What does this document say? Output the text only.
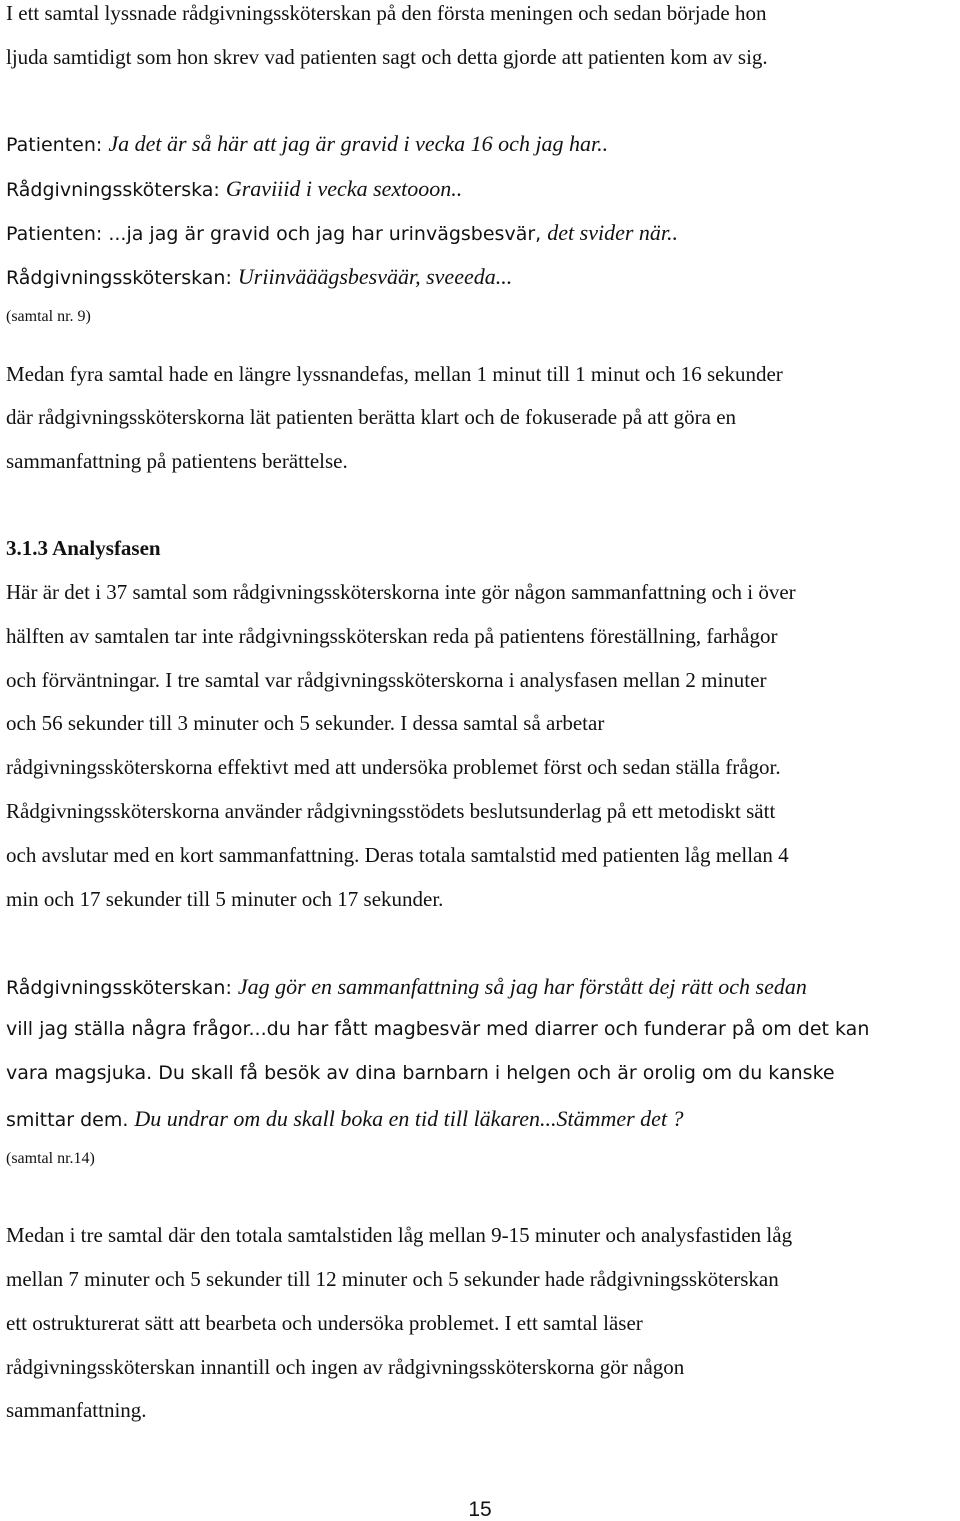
I ett samtal lyssnade rådgivningssköterskan på den första meningen och sedan började hon
ljuda samtidigt som hon skrev vad patienten sagt och detta gjorde att patienten kom av sig.
Patienten: Ja det är så här att jag är gravid i vecka 16 och jag har..
Rådgivningssköterska: Graviiid i vecka sextooon..
Patienten: ...ja jag är gravid och jag har urinvägsbesvär, det svider när..
Rådgivningssköterskan: Uriinvääägsbesväär, sveeeda...
(samtal nr. 9)
Medan fyra samtal hade en längre lyssnandefas, mellan 1 minut till 1 minut och 16 sekunder
där rådgivningssköterskorna lät patienten berätta klart och de fokuserade på att göra en
sammanfattning på patientens berättelse.
3.1.3 Analysfasen
Här är det i 37 samtal som rådgivningssköterskorna inte gör någon sammanfattning och i över
hälften av samtalen tar inte rådgivningssköterskan reda på patientens föreställning, farhågor
och förväntningar. I tre samtal var rådgivningssköterskorna i analysfasen mellan 2 minuter
och 56 sekunder till 3 minuter och 5 sekunder. I dessa samtal så arbetar
rådgivningssköterskorna effektivt med att undersöka problemet först och sedan ställa frågor.
Rådgivningssköterskorna använder rådgivningsstödets beslutsunderlag på ett metodiskt sätt
och avslutar med en kort sammanfattning. Deras totala samtalstid med patienten låg mellan 4
min och 17 sekunder till 5 minuter och 17 sekunder.
Rådgivningssköterskan: Jag gör en sammanfattning så jag har förstått dej rätt och sedan
vill jag ställa några frågor...du har fått magbesvär med diarrer och funderar på om det kan
vara magsjuka. Du skall få besök av dina barnbarn i helgen och är orolig om du kanske
smittar dem. Du undrar om du skall boka en tid till läkaren...Stämmer det ?
(samtal nr.14)
Medan i tre samtal där den totala samtalstiden låg mellan 9-15 minuter och analysfastiden låg
mellan 7 minuter och 5 sekunder till 12 minuter och 5 sekunder hade rådgivningssköterskan
ett ostrukturerat sätt att bearbeta och undersöka problemet. I ett samtal läser
rådgivningssköterskan innantill och ingen av rådgivningssköterskorna gör någon
sammanfattning.
15
